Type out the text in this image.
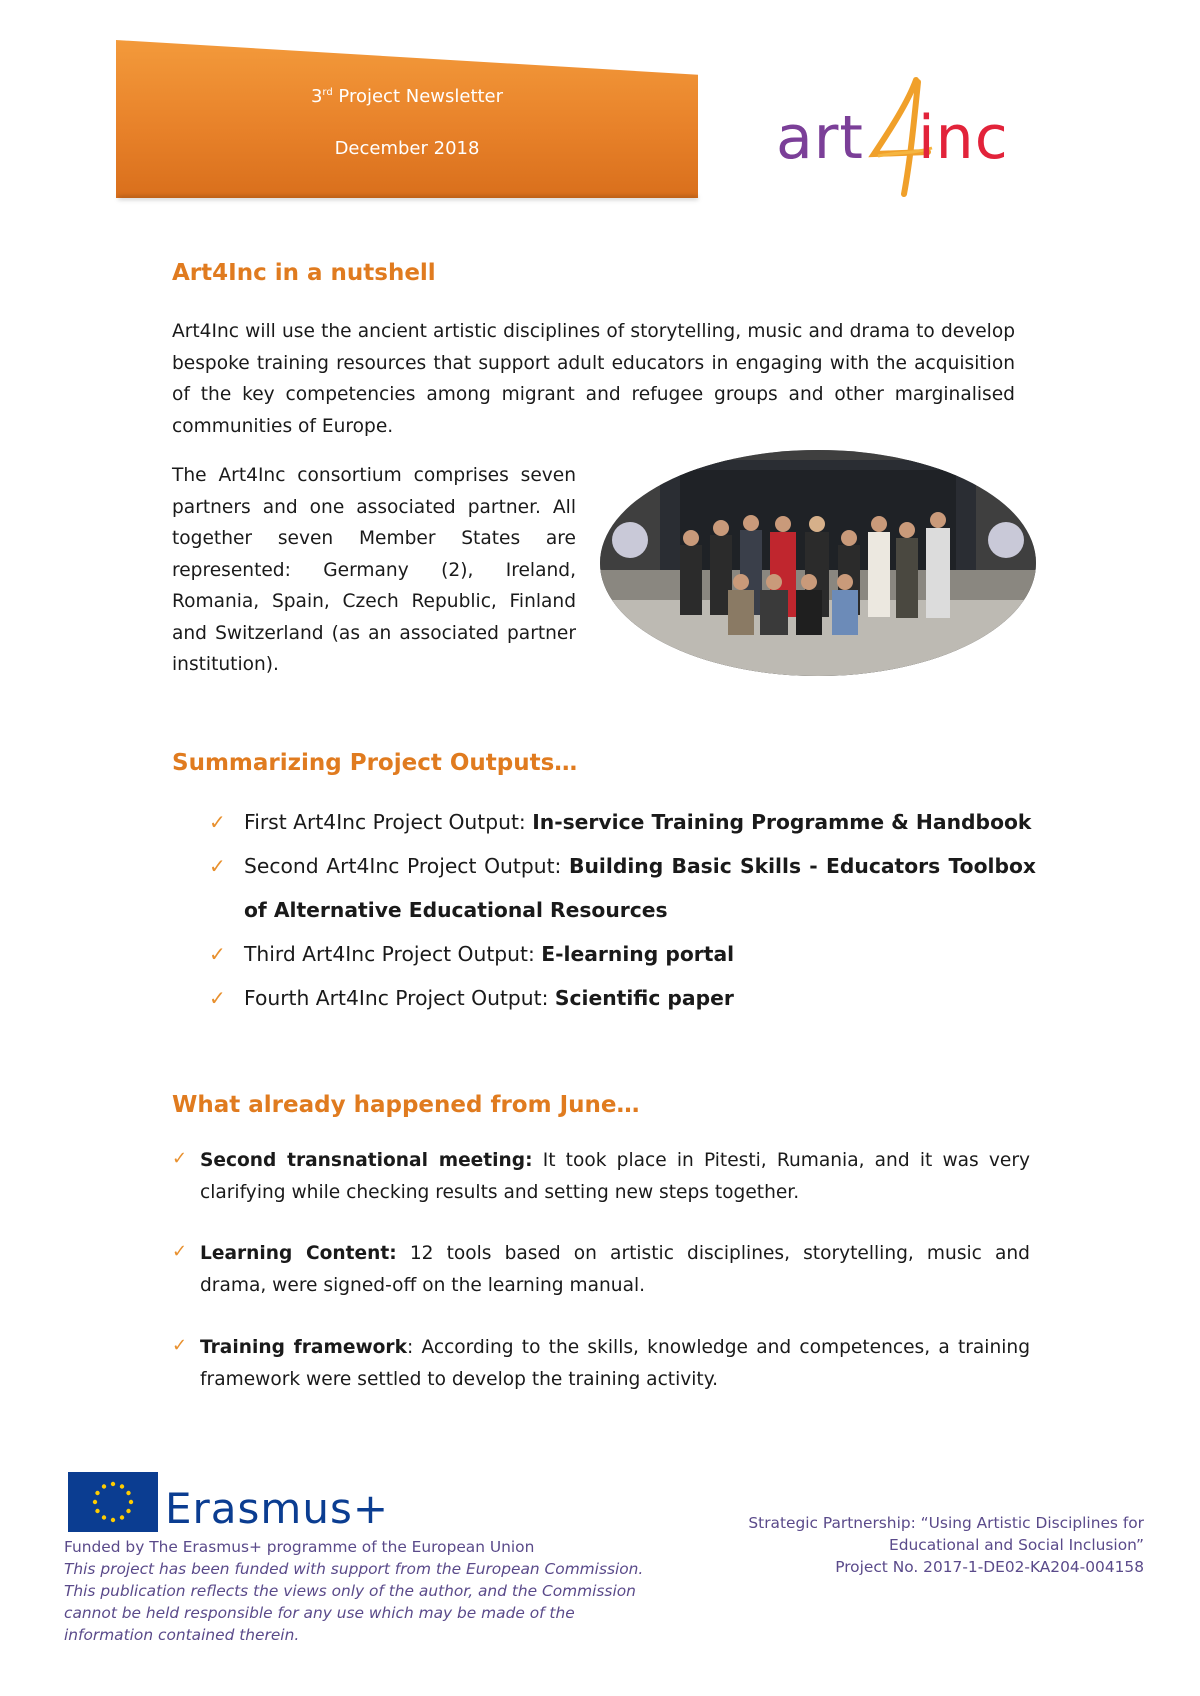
3rd Project Newsletter
December 2018	art inc
Art4Inc in a nutshell

Art4Inc will use the ancient artistic disciplines of storytelling, music and drama to develop bespoke training resources that support adult educators in engaging with the acquisition of the key competencies among migrant and refugee groups and other marginalised communities of Europe.

The Art4Inc consortium comprises seven partners and one associated partner. All together seven Member States are represented: Germany (2), Ireland, Romania, Spain, Czech Republic, Finland and Switzerland (as an associated partner institution).

Summarizing Project Outputs…
✓ First Art4Inc Project Output: In-service Training Programme & Handbook
✓ Second Art4Inc Project Output: Building Basic Skills - Educators Toolbox of Alternative Educational Resources
✓ Third Art4Inc Project Output: E-learning portal
✓ Fourth Art4Inc Project Output: Scientific paper
What already happened from June…
✓ Second transnational meeting: It took place in Pitesti, Rumania, and it was very clarifying while checking results and setting new steps together.
✓ Learning Content: 12 tools based on artistic disciplines, storytelling, music and drama, were signed-off on the learning manual.
✓ Training framework: According to the skills, knowledge and competences, a training framework were settled to develop the training activity.
Erasmus+
Funded by The Erasmus+ programme of the European Union
This project has been funded with support from the European Commission. This publication reflects the views only of the author, and the Commission cannot be held responsible for any use which may be made of the information contained therein.
Strategic Partnership: “Using Artistic Disciplines for
Educational and Social Inclusion”
Project No. 2017-1-DE02-KA204-004158
